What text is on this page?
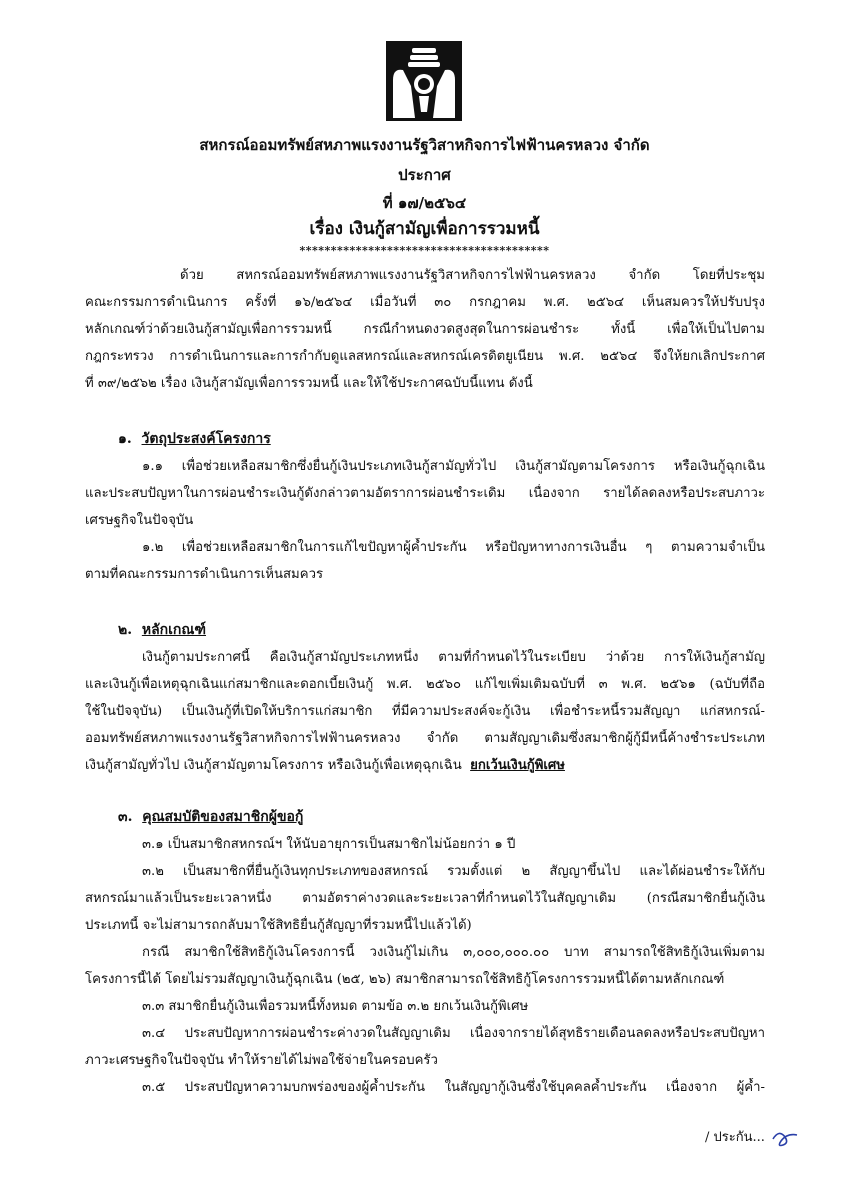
สหกรณ์ออมทรัพย์สหภาพแรงงานรัฐวิสาหกิจการไฟฟ้านครหลวง จำกัด
ประกาศ
ที่ ๑๗/๒๕๖๔
เรื่อง เงินกู้สามัญเพื่อการรวมหนี้
****************************************
ด้วย สหกรณ์ออมทรัพย์สหภาพแรงงานรัฐวิสาหกิจการไฟฟ้านครหลวง จำกัด โดยที่ประชุม
คณะกรรมการดำเนินการ ครั้งที่ ๑๖/๒๕๖๔ เมื่อวันที่ ๓๐ กรกฎาคม พ.ศ. ๒๕๖๔ เห็นสมควรให้ปรับปรุง
หลักเกณฑ์ว่าด้วยเงินกู้สามัญเพื่อการรวมหนี้ กรณีกำหนดงวดสูงสุดในการผ่อนชำระ ทั้งนี้ เพื่อให้เป็นไปตาม
กฎกระทรวง การดำเนินการและการกำกับดูแลสหกรณ์และสหกรณ์เครดิตยูเนียน พ.ศ. ๒๕๖๔ จึงให้ยกเลิกประกาศ
ที่ ๓๙/๒๕๖๒ เรื่อง เงินกู้สามัญเพื่อการรวมหนี้ และให้ใช้ประกาศฉบับนี้แทน ดังนี้
๑. วัตถุประสงค์โครงการ
๑.๑ เพื่อช่วยเหลือสมาชิกซึ่งยื่นกู้เงินประเภทเงินกู้สามัญทั่วไป เงินกู้สามัญตามโครงการ หรือเงินกู้ฉุกเฉิน
และประสบปัญหาในการผ่อนชำระเงินกู้ดังกล่าวตามอัตราการผ่อนชำระเดิม เนื่องจาก รายได้ลดลงหรือประสบภาวะ
เศรษฐกิจในปัจจุบัน
๑.๒ เพื่อช่วยเหลือสมาชิกในการแก้ไขปัญหาผู้ค้ำประกัน หรือปัญหาทางการเงินอื่น ๆ ตามความจำเป็น
ตามที่คณะกรรมการดำเนินการเห็นสมควร
๒. หลักเกณฑ์
เงินกู้ตามประกาศนี้ คือเงินกู้สามัญประเภทหนึ่ง ตามที่กำหนดไว้ในระเบียบ ว่าด้วย การให้เงินกู้สามัญ
และเงินกู้เพื่อเหตุฉุกเฉินแก่สมาชิกและดอกเบี้ยเงินกู้ พ.ศ. ๒๕๖๐ แก้ไขเพิ่มเติมฉบับที่ ๓ พ.ศ. ๒๕๖๑ (ฉบับที่ถือ
ใช้ในปัจจุบัน) เป็นเงินกู้ที่เปิดให้บริการแก่สมาชิก ที่มีความประสงค์จะกู้เงิน เพื่อชำระหนี้รวมสัญญา แก่สหกรณ์-
ออมทรัพย์สหภาพแรงงานรัฐวิสาหกิจการไฟฟ้านครหลวง จำกัด ตามสัญญาเดิมซึ่งสมาชิกผู้กู้มีหนี้ค้างชำระประเภท
เงินกู้สามัญทั่วไป เงินกู้สามัญตามโครงการ หรือเงินกู้เพื่อเหตุฉุกเฉิน ยกเว้นเงินกู้พิเศษ
๓. คุณสมบัติของสมาชิกผู้ขอกู้
๓.๑ เป็นสมาชิกสหกรณ์ฯ ให้นับอายุการเป็นสมาชิกไม่น้อยกว่า ๑ ปี
๓.๒ เป็นสมาชิกที่ยื่นกู้เงินทุกประเภทของสหกรณ์ รวมตั้งแต่ ๒ สัญญาขึ้นไป และได้ผ่อนชำระให้กับ
สหกรณ์มาแล้วเป็นระยะเวลาหนึ่ง ตามอัตราค่างวดและระยะเวลาที่กำหนดไว้ในสัญญาเดิม (กรณีสมาชิกยื่นกู้เงิน
ประเภทนี้ จะไม่สามารถกลับมาใช้สิทธิยื่นกู้สัญญาที่รวมหนี้ไปแล้วได้)
กรณี สมาชิกใช้สิทธิกู้เงินโครงการนี้ วงเงินกู้ไม่เกิน ๓,๐๐๐,๐๐๐.๐๐ บาท สามารถใช้สิทธิกู้เงินเพิ่มตาม
โครงการนี้ได้ โดยไม่รวมสัญญาเงินกู้ฉุกเฉิน (๒๕, ๒๖) สมาชิกสามารถใช้สิทธิกู้โครงการรวมหนี้ได้ตามหลักเกณฑ์
๓.๓ สมาชิกยื่นกู้เงินเพื่อรวมหนี้ทั้งหมด ตามข้อ ๓.๒ ยกเว้นเงินกู้พิเศษ
๓.๔ ประสบปัญหาการผ่อนชำระค่างวดในสัญญาเดิม เนื่องจากรายได้สุทธิรายเดือนลดลงหรือประสบปัญหา
ภาวะเศรษฐกิจในปัจจุบัน ทำให้รายได้ไม่พอใช้จ่ายในครอบครัว
๓.๕ ประสบปัญหาความบกพร่องของผู้ค้ำประกัน ในสัญญากู้เงินซึ่งใช้บุคคลค้ำประกัน เนื่องจาก ผู้ค้ำ-
/ ประกัน...
